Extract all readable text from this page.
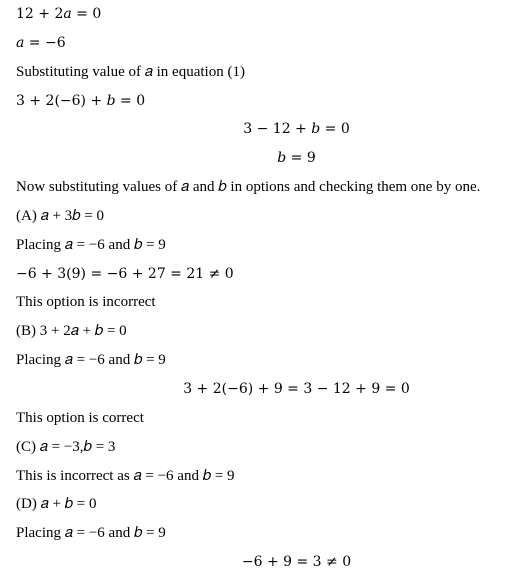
12 + 2𝑎 = 0
𝑎 = −6
Substituting value of 𝑎 in equation (1)
3 + 2(−6) + 𝑏 = 0
3 − 12 + 𝑏 = 0
𝑏 = 9
Now substituting values of 𝑎 and 𝑏 in options and checking them one by one.
(A) 𝑎 + 3𝑏 = 0
Placing 𝑎 = −6 and 𝑏 = 9
−6 + 3(9) = −6 + 27 = 21 ≠ 0
This option is incorrect
(B) 3 + 2𝑎 + 𝑏 = 0
Placing 𝑎 = −6 and 𝑏 = 9
3 + 2(−6) + 9 = 3 − 12 + 9 = 0
This option is correct
(C) 𝑎 = −3,𝑏 = 3
This is incorrect as 𝑎 = −6 and 𝑏 = 9
(D) 𝑎 + 𝑏 = 0
Placing 𝑎 = −6 and 𝑏 = 9
−6 + 9 = 3 ≠ 0
